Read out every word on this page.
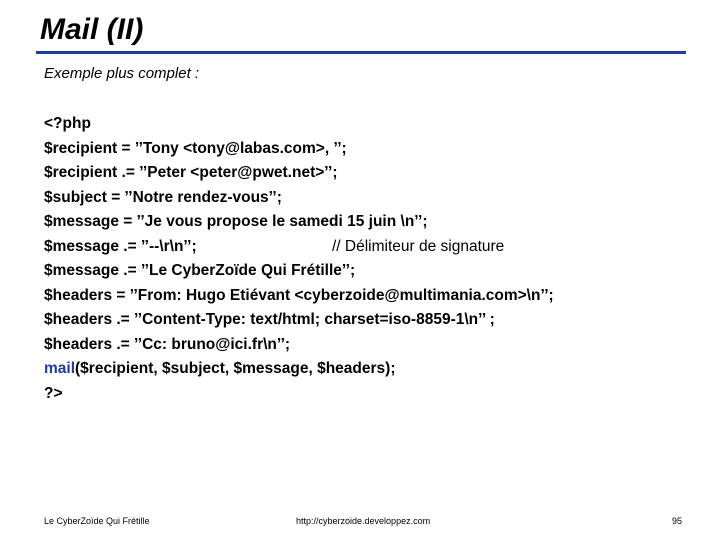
Mail (II)
Exemple plus complet :
<?php
$recipient = ’’Tony <tony@labas.com>, ’’;
$recipient .= ’’Peter <peter@pwet.net>’’;
$subject = ’’Notre rendez-vous’’;
$message = ’’Je vous propose le samedi 15 juin \n’’;
$message .= ’’--\r\n’’;	// Délimiteur de signature
$message .= ’’Le CyberZoïde Qui Frétille’’;
$headers = ’’From: Hugo Etiévant <cyberzoide@multimania.com>\n’’;
$headers .= ’’Content-Type: text/html; charset=iso-8859-1\n’’ ;
$headers .= ’’Cc: bruno@ici.fr\n’’;
mail($recipient, $subject, $message, $headers);
?>
Le CyberZoïde Qui Frétille	http://cyberzoide.developpez.com	95
